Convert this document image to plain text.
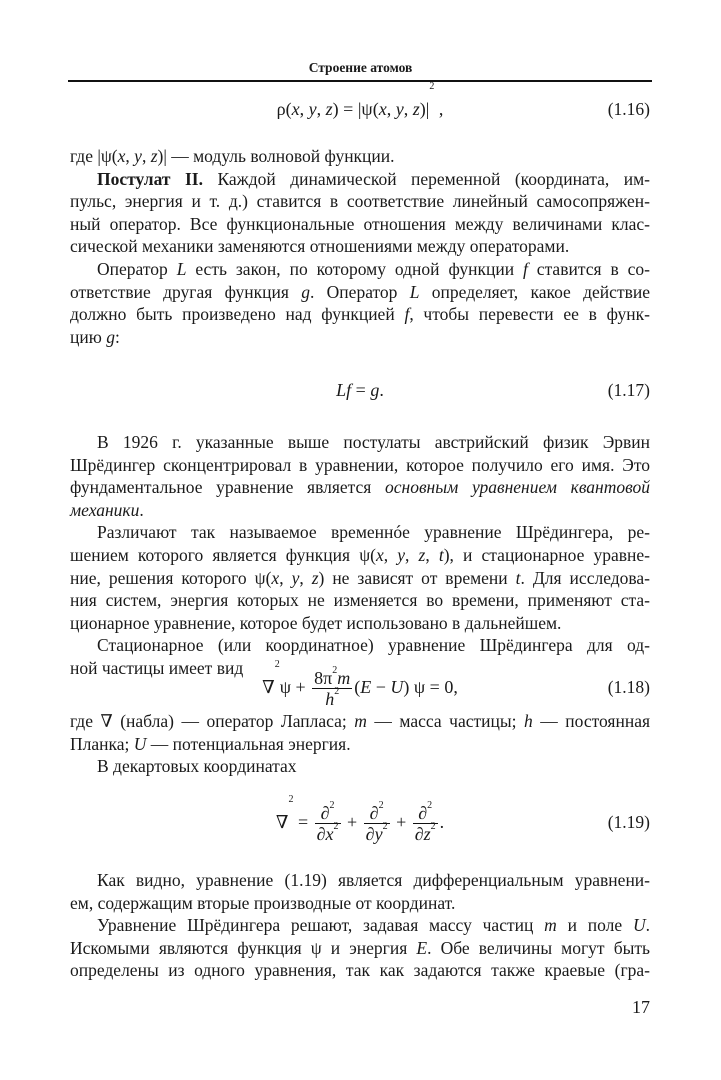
Строение атомов
ρ(x, y, z) = |ψ(x, y, $z)|^2$ ,	(1.16)
где |ψ(x, y, z)| — модуль волновой функции.
Постулат II. Каждой динамической переменной (координата, им-
пульс, энергия и т. д.) ставится в соответствие линейный самосопряжен-
ный оператор. Все функциональные отношения между величинами клас-
сической механики заменяются отношениями между операторами.
Оператор L есть закон, по которому одной функции f ставится в со-
ответствие другая функция g. Оператор L определяет, какое действие
должно быть произведено над функцией f, чтобы перевести ее в функ-
цию g:
Lf = g.	(1.17)
В 1926 г. указанные выше постулаты австрийский физик Эрвин
Шрёдингер сконцентрировал в уравнении, которое получило его имя. Это
фундаментальное уравнение является основным уравнением квантовой
механики.
Различают так называемое временнóе уравнение Шрёдингера, ре-
шением которого является функция ψ(x, y, z, t), и стационарное уравне-
ние, решения которого ψ(x, y, z) не зависят от времени t. Для исследова-
ния систем, энергия которых не изменяется во времени, применяют ста-
ционарное уравнение, которое будет использовано в дальнейшем.
Стационарное (или координатное) уравнение Шрёдингера для од-
ной частицы имеет вид
$\nabla^2\psi + \frac{8\pi^2m}{h^2} (E - U) \psi = 0$,	(1.18)
где ∇ (набла) — оператор Лапласа; m — масса частицы; h — постоянная
Планка; U — потенциальная энергия.
В декартовых координатах
$\nabla^2 = \frac{\partial^2}{\partial x^2} + \frac{\partial^2}{\partial y^2} + \frac{\partial^2}{\partial z^2}$ .	(1.19)
Как видно, уравнение (1.19) является дифференциальным уравнени-
ем, содержащим вторые производные от координат.
Уравнение Шрёдингера решают, задавая массу частиц m и поле U.
Искомыми являются функция ψ и энергия E. Обе величины могут быть
определены из одного уравнения, так как задаются также краевые (гра-
17
